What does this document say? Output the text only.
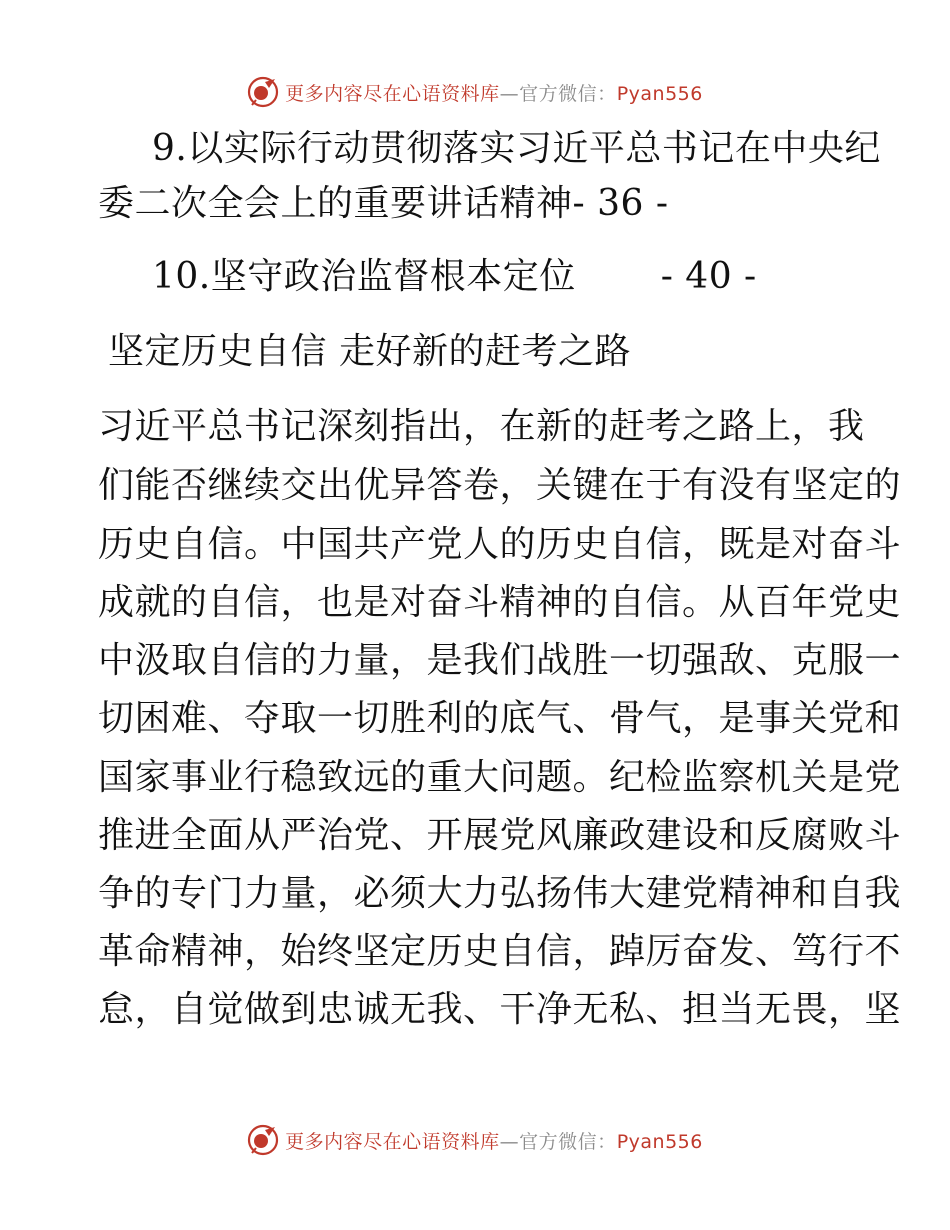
更多内容尽在心语资料库—官方微信：Pyan556
9.以实际行动贯彻落实习近平总书记在中央纪
委二次全会上的重要讲话精神- 36 -
10.坚守政治监督根本定位　　 - 40 -
坚定历史自信 走好新的赶考之路
习近平总书记深刻指出，在新的赶考之路上，我
们能否继续交出优异答卷，关键在于有没有坚定的
历史自信。中国共产党人的历史自信，既是对奋斗
成就的自信，也是对奋斗精神的自信。从百年党史
中汲取自信的力量，是我们战胜一切强敌、克服一
切困难、夺取一切胜利的底气、骨气，是事关党和
国家事业行稳致远的重大问题。纪检监察机关是党
推进全面从严治党、开展党风廉政建设和反腐败斗
争的专门力量，必须大力弘扬伟大建党精神和自我
革命精神，始终坚定历史自信，踔厉奋发、笃行不
怠，自觉做到忠诚无我、干净无私、担当无畏，坚
更多内容尽在心语资料库—官方微信：Pyan556
